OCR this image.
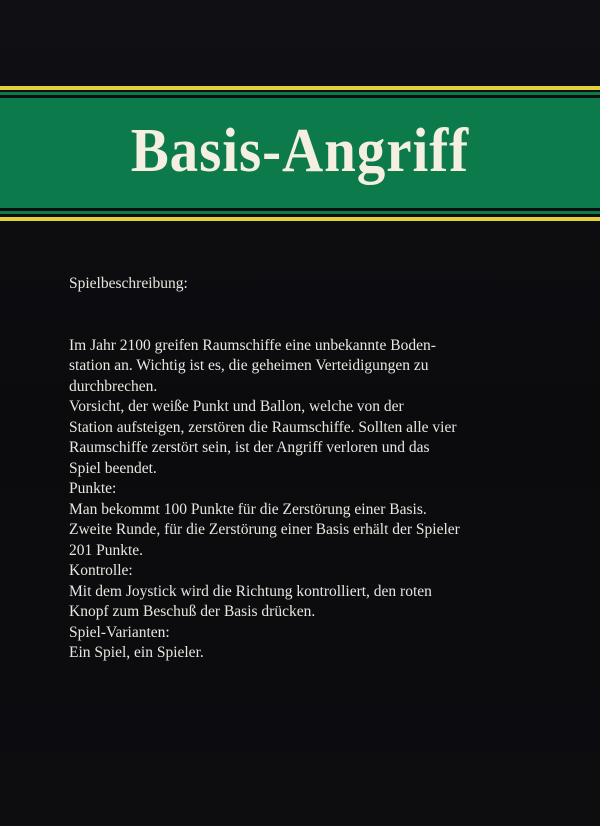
Basis-Angriff

Spielbeschreibung:

Im Jahr 2100 greifen Raumschiffe eine unbekannte Boden-

station an. Wichtig ist es, die geheimen Verteidigungen zu

durchbrechen.

Vorsicht, der weiße Punkt und Ballon, welche von der

Station aufsteigen, zerstören die Raumschiffe. Sollten alle vier

Raumschiffe zerstört sein, ist der Angriff verloren und das

Spiel beendet.

Punkte:

Man bekommt 100 Punkte für die Zerstörung einer Basis.

Zweite Runde, für die Zerstörung einer Basis erhält der Spieler

201 Punkte.

Kontrolle:

Mit dem Joystick wird die Richtung kontrolliert, den roten

Knopf zum Beschuß der Basis drücken.

Spiel-Varianten:

Ein Spiel, ein Spieler.
